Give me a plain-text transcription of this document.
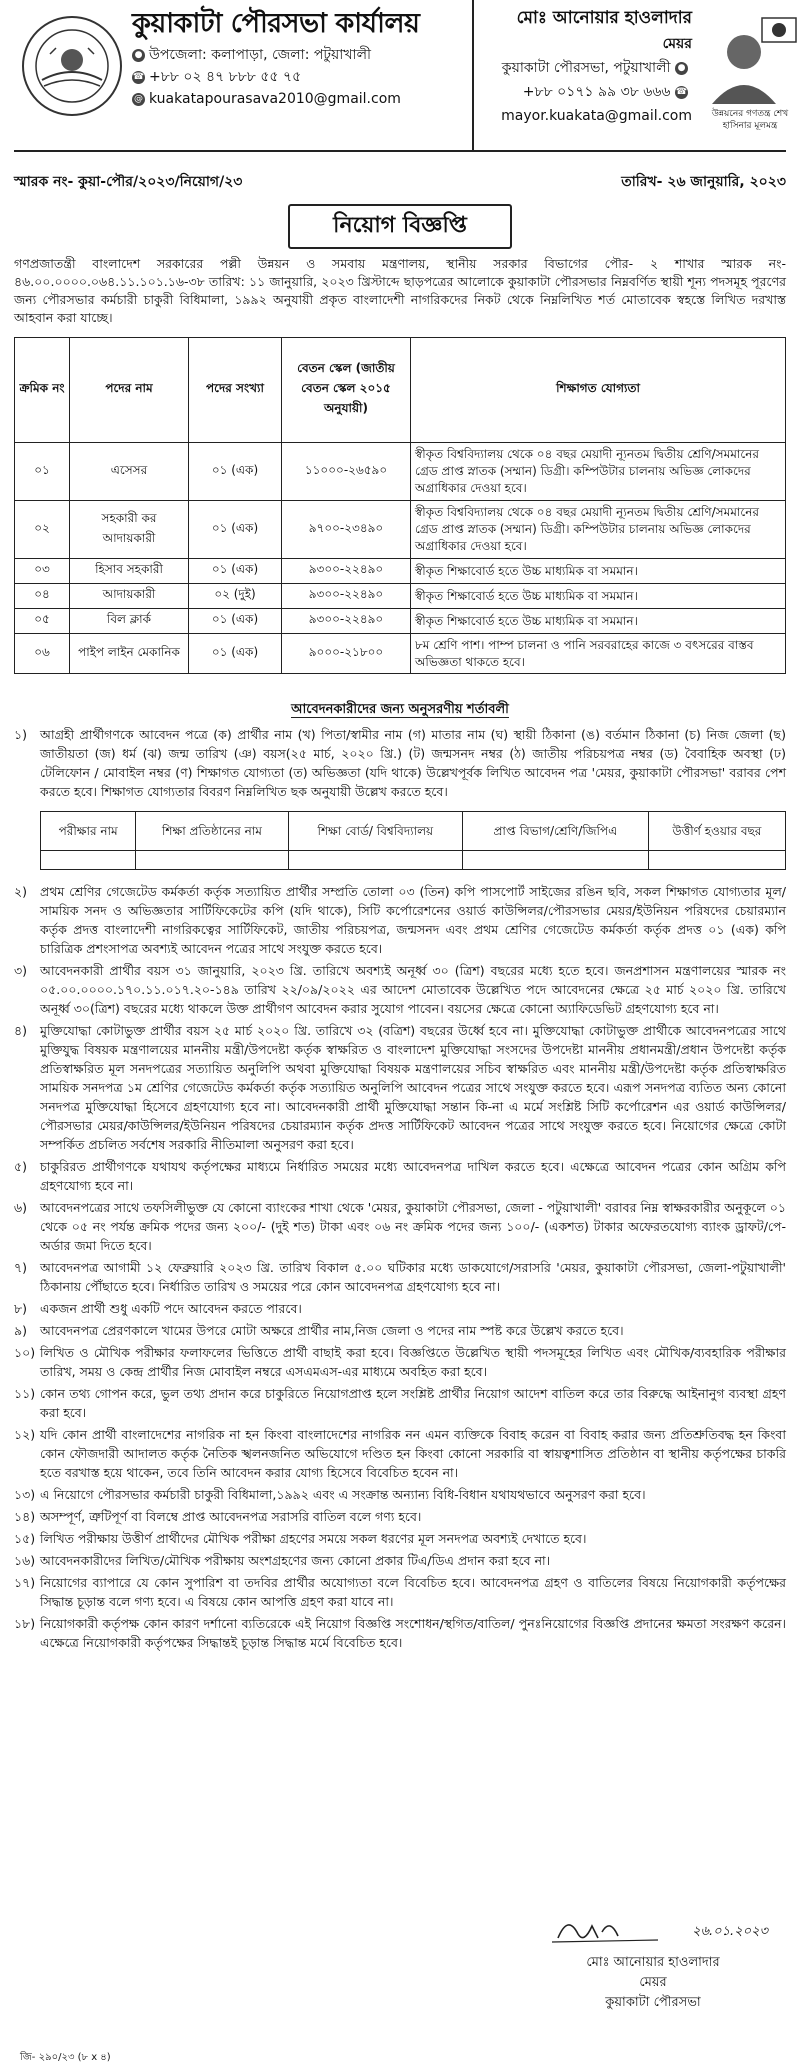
কুয়াকাটা পৌরসভা কার্যালয়
● উপজেলা: কলাপাড়া, জেলা: পটুয়াখালী
☎ +৮৮ ০২ ৪৭ ৮৮৮ ৫৫ ৭৫
@ kuakatapourasava2010@gmail.com
মোঃ আনোয়ার হাওলাদার
মেয়র
কুয়াকাটা পৌরসভা, পটুয়াখালী ●
+৮৮ ০১৭১ ৯৯ ৩৮ ৬৬৬ ☎
mayor.kuakata@gmail.com	উন্নয়নের গণতন্ত্র শেখ হাসিনার মূলমন্ত্র
স্মারক নং- কুয়া-পৌর/২০২৩/নিয়োগ/২৩	তারিখ- ২৬ জানুয়ারি, ২০২৩
নিয়োগ বিজ্ঞপ্তি
গণপ্রজাতন্ত্রী বাংলাদেশ সরকারের পল্লী উন্নয়ন ও সমবায় মন্ত্রণালয়, স্থানীয় সরকার বিভাগের পৌর- ২ শাখার স্মারক নং- ৪৬.০০.০০০০.০৬৪.১১.১০১.১৬-৩৮ তারিখ: ১১ জানুয়ারি, ২০২৩ খ্রিস্টাব্দে ছাড়পত্রের আলোকে কুয়াকাটা পৌরসভার নিম্নবর্ণিত স্থায়ী শূন্য পদসমূহ পূরণের জন্য পৌরসভার কর্মচারী চাকুরী বিধিমালা, ১৯৯২ অনুযায়ী প্রকৃত বাংলাদেশী নাগরিকদের নিকট থেকে নিম্নলিখিত শর্ত মোতাবেক স্বহস্তে লিখিত দরখাস্ত আহবান করা যাচ্ছে।
ক্রমিক নং	পদের নাম	পদের সংখ্যা	বেতন স্কেল (জাতীয় বেতন স্কেল ২০১৫ অনুযায়ী)	শিক্ষাগত যোগ্যতা
০১	এসেসর	০১ (এক)	১১০০০-২৬৫৯০	স্বীকৃত বিশ্ববিদ্যালয় থেকে ০৪ বছর মেয়াদী ন্যূনতম দ্বিতীয় শ্রেণি/সমমানের গ্রেড প্রাপ্ত স্নাতক (সম্মান) ডিগ্রী। কম্পিউটার চালনায় অভিজ্ঞ লোকদের অগ্রাধিকার দেওয়া হবে।
০২	সহকারী কর আদায়কারী	০১ (এক)	৯৭০০-২৩৪৯০	স্বীকৃত বিশ্ববিদ্যালয় থেকে ০৪ বছর মেয়াদী ন্যূনতম দ্বিতীয় শ্রেণি/সমমানের গ্রেড প্রাপ্ত স্নাতক (সম্মান) ডিগ্রী। কম্পিউটার চালনায় অভিজ্ঞ লোকদের অগ্রাধিকার দেওয়া হবে।
০৩	হিসাব সহকারী	০১ (এক)	৯৩০০-২২৪৯০	স্বীকৃত শিক্ষাবোর্ড হতে উচ্চ মাধ্যমিক বা সমমান।
০৪	আদায়কারী	০২ (দুই)	৯৩০০-২২৪৯০	স্বীকৃত শিক্ষাবোর্ড হতে উচ্চ মাধ্যমিক বা সমমান।
০৫	বিল ক্লার্ক	০১ (এক)	৯৩০০-২২৪৯০	স্বীকৃত শিক্ষাবোর্ড হতে উচ্চ মাধ্যমিক বা সমমান।
০৬	পাইপ লাইন মেকানিক	০১ (এক)	৯০০০-২১৮০০	৮ম শ্রেণি পাশ। পাম্প চালনা ও পানি সরবরাহের কাজে ৩ বৎসরের বাস্তব অভিজ্ঞতা থাকতে হবে।
আবেদনকারীদের জন্য অনুসরণীয় শর্তাবলী
১)	আগ্রহী প্রার্থীগণকে আবেদন পত্রে (ক) প্রার্থীর নাম (খ) পিতা/স্বামীর নাম (গ) মাতার নাম (ঘ) স্থায়ী ঠিকানা (ঙ) বর্তমান ঠিকানা (চ) নিজ জেলা (ছ) জাতীয়তা (জ) ধর্ম (ঝ) জন্ম তারিখ (ঞ) বয়স(২৫ মার্চ, ২০২০ খ্রি.) (ট) জন্মসনদ নম্বর (ঠ) জাতীয় পরিচয়পত্র নম্বর (ড) বৈবাহিক অবস্থা (ঢ) টেলিফোন / মোবাইল নম্বর (ণ) শিক্ষাগত যোগ্যতা (ত) অভিজ্ঞতা (যদি থাকে) উল্লেখপূর্বক লিখিত আবেদন পত্র 'মেয়র, কুয়াকাটা পৌরসভা' বরাবর পেশ করতে হবে। শিক্ষাগত যোগ্যতার বিবরণ নিম্নলিখিত ছক অনুযায়ী উল্লেখ করতে হবে।
পরীক্ষার নাম	শিক্ষা প্রতিষ্ঠানের নাম	শিক্ষা বোর্ড/ বিশ্ববিদ্যালয়	প্রাপ্ত বিভাগ/শ্রেণি/জিপিএ	উত্তীর্ণ হওয়ার বছর

২)	প্রথম শ্রেণির গেজেটেড কর্মকর্তা কর্তৃক সত্যায়িত প্রার্থীর সম্প্রতি তোলা ০৩ (তিন) কপি পাসপোর্ট সাইজের রঙিন ছবি, সকল শিক্ষাগত যোগ্যতার মূল/সাময়িক সনদ ও অভিজ্ঞতার সার্টিফিকেটের কপি (যদি থাকে), সিটি কর্পোরেশনের ওয়ার্ড কাউন্সিলর/পৌরসভার মেয়র/ইউনিয়ন পরিষদের চেয়ারম্যান কর্তৃক প্রদত্ত বাংলাদেশী নাগরিকত্বের সার্টিফিকেট, জাতীয় পরিচয়পত্র, জন্মসনদ এবং প্রথম শ্রেণির গেজেটেড কর্মকর্তা কর্তৃক প্রদত্ত ০১ (এক) কপি চারিত্রিক প্রশংসাপত্র অবশ্যই আবেদন পত্রের সাথে সংযুক্ত করতে হবে।
৩)	আবেদনকারী প্রার্থীর বয়স ৩১ জানুয়ারি, ২০২৩ খ্রি. তারিখে অবশ্যই অনূর্ধ্ব ৩০ (ত্রিশ) বছরের মধ্যে হতে হবে। জনপ্রশাসন মন্ত্রণালয়ের স্মারক নং ০৫.০০.০০০০.১৭০.১১.০১৭.২০-১৪৯ তারিখ ২২/০৯/২০২২ এর আদেশ মোতাবেক উল্লেখিত পদে আবেদনের ক্ষেত্রে ২৫ মার্চ ২০২০ খ্রি. তারিখে অনূর্ধ্ব ৩০(ত্রিশ) বছরের মধ্যে থাকলে উক্ত প্রার্থীগণ আবেদন করার সুযোগ পাবেন। বয়সের ক্ষেত্রে কোনো অ্যাফিডেভিট গ্রহণযোগ্য হবে না।
৪)	মুক্তিযোদ্ধা কোটাভুক্ত প্রার্থীর বয়স ২৫ মার্চ ২০২০ খ্রি. তারিখে ৩২ (বত্রিশ) বছরের উর্ধ্বে হবে না। মুক্তিযোদ্ধা কোটাভুক্ত প্রার্থীকে আবেদনপত্রের সাথে মুক্তিযুদ্ধ বিষয়ক মন্ত্রণালয়ের মাননীয় মন্ত্রী/উপদেষ্টা কর্তৃক স্বাক্ষরিত ও বাংলাদেশ মুক্তিযোদ্ধা সংসদের উপদেষ্টা মাননীয় প্রধানমন্ত্রী/প্রধান উপদেষ্টা কর্তৃক প্রতিস্বাক্ষরিত মূল সনদপত্রের সত্যায়িত অনুলিপি অথবা মুক্তিযোদ্ধা বিষয়ক মন্ত্রণালয়ের সচিব স্বাক্ষরিত এবং মাননীয় মন্ত্রী/উপদেষ্টা কর্তৃক প্রতিস্বাক্ষরিত সাময়িক সনদপত্র ১ম শ্রেণির গেজেটেড কর্মকর্তা কর্তৃক সত্যায়িত অনুলিপি আবেদন পত্রের সাথে সংযুক্ত করতে হবে। এরূপ সনদপত্র ব্যতিত অন্য কোনো সনদপত্র মুক্তিযোদ্ধা হিসেবে গ্রহণযোগ্য হবে না। আবেদনকারী প্রার্থী মুক্তিযোদ্ধা সন্তান কি-না এ মর্মে সংশ্লিষ্ট সিটি কর্পোরেশন এর ওয়ার্ড কাউন্সিলর/পৌরসভার মেয়র/কাউন্সিলর/ইউনিয়ন পরিষদের চেয়ারম্যান কর্তৃক প্রদত্ত সার্টিফিকেট আবেদন পত্রের সাথে সংযুক্ত করতে হবে। নিয়োগের ক্ষেত্রে কোটা সম্পর্কিত প্রচলিত সর্বশেষ সরকারি নীতিমালা অনুসরণ করা হবে।
৫)	চাকুরিরত প্রার্থীগণকে যথাযথ কর্তৃপক্ষের মাধ্যমে নির্ধারিত সময়ের মধ্যে আবেদনপত্র দাখিল করতে হবে। এক্ষেত্রে আবেদন পত্রের কোন অগ্রিম কপি গ্রহণযোগ্য হবে না।
৬)	আবেদনপত্রের সাথে তফসিলীভুক্ত যে কোনো ব্যাংকের শাখা থেকে 'মেয়র, কুয়াকাটা পৌরসভা, জেলা - পটুয়াখালী' বরাবর নিম্ন স্বাক্ষরকারীর অনুকূলে ০১ থেকে ০৫ নং পর্যন্ত ক্রমিক পদের জন্য ২০০/- (দুই শত) টাকা এবং ০৬ নং ক্রমিক পদের জন্য ১০০/- (একশত) টাকার অফেরতযোগ্য ব্যাংক ড্রাফট/পে-অর্ডার জমা দিতে হবে।
৭)	আবেদনপত্র আগামী ১২ ফেব্রুয়ারি ২০২৩ খ্রি. তারিখ বিকাল ৫.০০ ঘটিকার মধ্যে ডাকযোগে/সরাসরি 'মেয়র, কুয়াকাটা পৌরসভা, জেলা-পটুয়াখালী' ঠিকানায় পৌঁছাতে হবে। নির্ধারিত তারিখ ও সময়ের পরে কোন আবেদনপত্র গ্রহণযোগ্য হবে না।
৮)	একজন প্রার্থী শুধু একটি পদে আবেদন করতে পারবে।
৯)	আবেদনপত্র প্রেরণকালে খামের উপরে মোটা অক্ষরে প্রার্থীর নাম,নিজ জেলা ও পদের নাম স্পষ্ট করে উল্লেখ করতে হবে।
১০) লিখিত ও মৌখিক পরীক্ষার ফলাফলের ভিত্তিতে প্রার্থী বাছাই করা হবে। বিজ্ঞপ্তিতে উল্লেখিত স্থায়ী পদসমূহের লিখিত এবং মৌখিক/ব্যবহারিক পরীক্ষার তারিখ, সময় ও কেন্দ্র প্রার্থীর নিজ মোবাইল নম্বরে এসএমএস-এর মাধ্যমে অবহিত করা হবে।
১১) কোন তথ্য গোপন করে, ভুল তথ্য প্রদান করে চাকুরিতে নিয়োগপ্রাপ্ত হলে সংশ্লিষ্ট প্রার্থীর নিয়োগ আদেশ বাতিল করে তার বিরুদ্ধে আইনানুগ ব্যবস্থা গ্রহণ করা হবে।
১২) যদি কোন প্রার্থী বাংলাদেশের নাগরিক না হন কিংবা বাংলাদেশের নাগরিক নন এমন ব্যক্তিকে বিবাহ করেন বা বিবাহ করার জন্য প্রতিশ্রুতিবদ্ধ হন কিংবা কোন ফৌজদারী আদালত কর্তৃক নৈতিক স্খলনজনিত অভিযোগে দণ্ডিত হন কিংবা কোনো সরকারি বা স্বায়ত্বশাসিত প্রতিষ্ঠান বা স্থানীয় কর্তৃপক্ষের চাকরি হতে বরখাস্ত হয়ে থাকেন, তবে তিনি আবেদন করার যোগ্য হিসেবে বিবেচিত হবেন না।
১৩) এ নিয়োগে পৌরসভার কর্মচারী চাকুরী বিধিমালা,১৯৯২ এবং এ সংক্রান্ত অন্যান্য বিধি-বিধান যথাযথভাবে অনুসরণ করা হবে।
১৪) অসম্পূর্ণ, ত্রুটিপূর্ণ বা বিলম্বে প্রাপ্ত আবেদনপত্র সরাসরি বাতিল বলে গণ্য হবে।
১৫) লিখিত পরীক্ষায় উত্তীর্ণ প্রার্থীদের মৌখিক পরীক্ষা গ্রহণের সময়ে সকল ধরণের মূল সনদপত্র অবশ্যই দেখাতে হবে।
১৬) আবেদনকারীদের লিখিত/মৌখিক পরীক্ষায় অংশগ্রহণের জন্য কোনো প্রকার টিএ/ডিএ প্রদান করা হবে না।
১৭) নিয়োগের ব্যাপারে যে কোন সুপারিশ বা তদবির প্রার্থীর অযোগ্যতা বলে বিবেচিত হবে। আবেদনপত্র গ্রহণ ও বাতিলের বিষয়ে নিয়োগকারী কর্তৃপক্ষের সিদ্ধান্ত চূড়ান্ত বলে গণ্য হবে। এ বিষয়ে কোন আপত্তি গ্রহণ করা যাবে না।
১৮) নিয়োগকারী কর্তৃপক্ষ কোন কারণ দর্শানো ব্যতিরেকে এই নিয়োগ বিজ্ঞপ্তি সংশোধন/স্থগিত/বাতিল/ পুনঃনিয়োগের বিজ্ঞপ্তি প্রদানের ক্ষমতা সংরক্ষণ করেন। এক্ষেত্রে নিয়োগকারী কর্তৃপক্ষের সিদ্ধান্তই চূড়ান্ত সিদ্ধান্ত মর্মে বিবেচিত হবে।
২৬.০১.২০২৩
মোঃ আনোয়ার হাওলাদার
মেয়র
কুয়াকাটা পৌরসভা
জি- ২৯০/২৩ (৮ x ৪)
